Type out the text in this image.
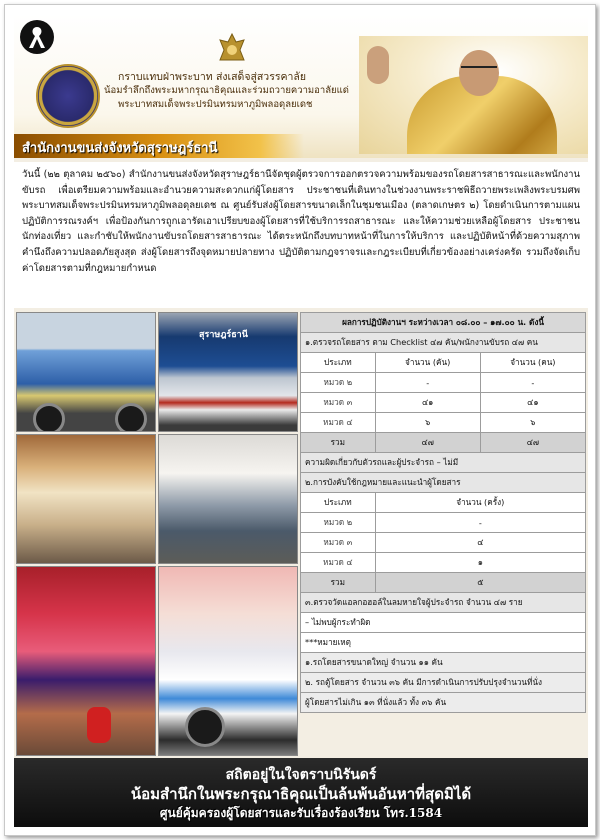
กราบแทบฝ่าพระบาท ส่งเสด็จสู่สวรรคาลัย
น้อมรำลึกถึงพระมหากรุณาธิคุณและร่วมถวายความอาลัยแด่
พระบาทสมเด็จพระปรมินทรมหาภูมิพลอดุลยเดช
สำนักงานขนส่งจังหวัดสุราษฎร์ธานี

วันนี้ (๒๒ ตุลาคม ๒๕๖๐) สำนักงานขนส่งจังหวัดสุราษฎร์ธานีจัดชุดผู้ตรวจการออกตรวจความพร้อมของรถโดยสารสาธารณะและพนักงานขับรถ เพื่อเตรียมความพร้อมและอำนวยความสะดวกแก่ผู้โดยสาร ประชาชนที่เดินทางในช่วงงานพระราชพิธีถวายพระเพลิงพระบรมศพพระบาทสมเด็จพระปรมินทรมหาภูมิพลอดุลยเดช ณ ศูนย์รับส่งผู้โดยสารขนาดเล็กในชุมชนเมือง (ตลาดเกษตร ๒) โดยดำเนินการตามแผนปฏิบัติการรณรงค์ฯ เพื่อป้องกันการถูกเอารัดเอาเปรียบของผู้โดยสารที่ใช้บริการรถสาธารณะ และให้ความช่วยเหลือผู้โดยสาร ประชาชน นักท่องเที่ยว และกำชับให้พนักงานขับรถโดยสารสาธารณะ ได้ตระหนักถึงบทบาทหน้าที่ในการให้บริการ และปฏิบัติหน้าที่ด้วยความสุภาพ คำนึงถึงความปลอดภัยสูงสุด ส่งผู้โดยสารถึงจุดหมายปลายทาง ปฏิบัติตามกฎจราจรและกฎระเบียบที่เกี่ยวข้องอย่างเคร่งครัด รวมถึงจัดเก็บค่าโดยสารตามที่กฎหมายกำหนด

สุราษฎร์ธานี
ผลการปฏิบัติงานฯ ระหว่างเวลา ๐๘.๐๐ – ๑๗.๐๐ น. ดังนี้		
๑.ตรวจรถโดยสาร ตาม Checklist ๔๗ คัน/พนักงานขับรถ ๔๗ คน		
ประเภท	จำนวน (คัน)	จำนวน (คน)
หมวด ๒	-	-
หมวด ๓	๔๑	๔๑
หมวด ๔	๖	๖
รวม	๔๗	๔๗
ความผิดเกี่ยวกับตัวรถและผู้ประจำรถ – ไม่มี		
๒.การบังคับใช้กฎหมายและแนะนำผู้โดยสาร		
ประเภท	จำนวน (ครั้ง)	
หมวด ๒	-	
หมวด ๓	๔	
หมวด ๔	๑	
รวม	๕	
๓.ตรวจวัดแอลกอฮอล์ในลมหายใจผู้ประจำรถ จำนวน ๔๗ ราย		
– ไม่พบผู้กระทำผิด		
***หมายเหตุ		
๑.รถโดยสารขนาดใหญ่ จำนวน ๑๑ คัน		
๒. รถตู้โดยสาร จำนวน ๓๖ คัน มีการดำเนินการปรับปรุงจำนวนที่นั่ง		
ผู้โดยสารไม่เกิน ๑๓ ที่นั่งแล้ว ทั้ง ๓๖ คัน		
สถิตอยู่ในใจตราบนิรันดร์
น้อมสำนึกในพระกรุณาธิคุณเป็นล้นพ้นอันหาที่สุดมิได้
ศูนย์คุ้มครองผู้โดยสารและรับเรื่องร้องเรียน โทร.1584
